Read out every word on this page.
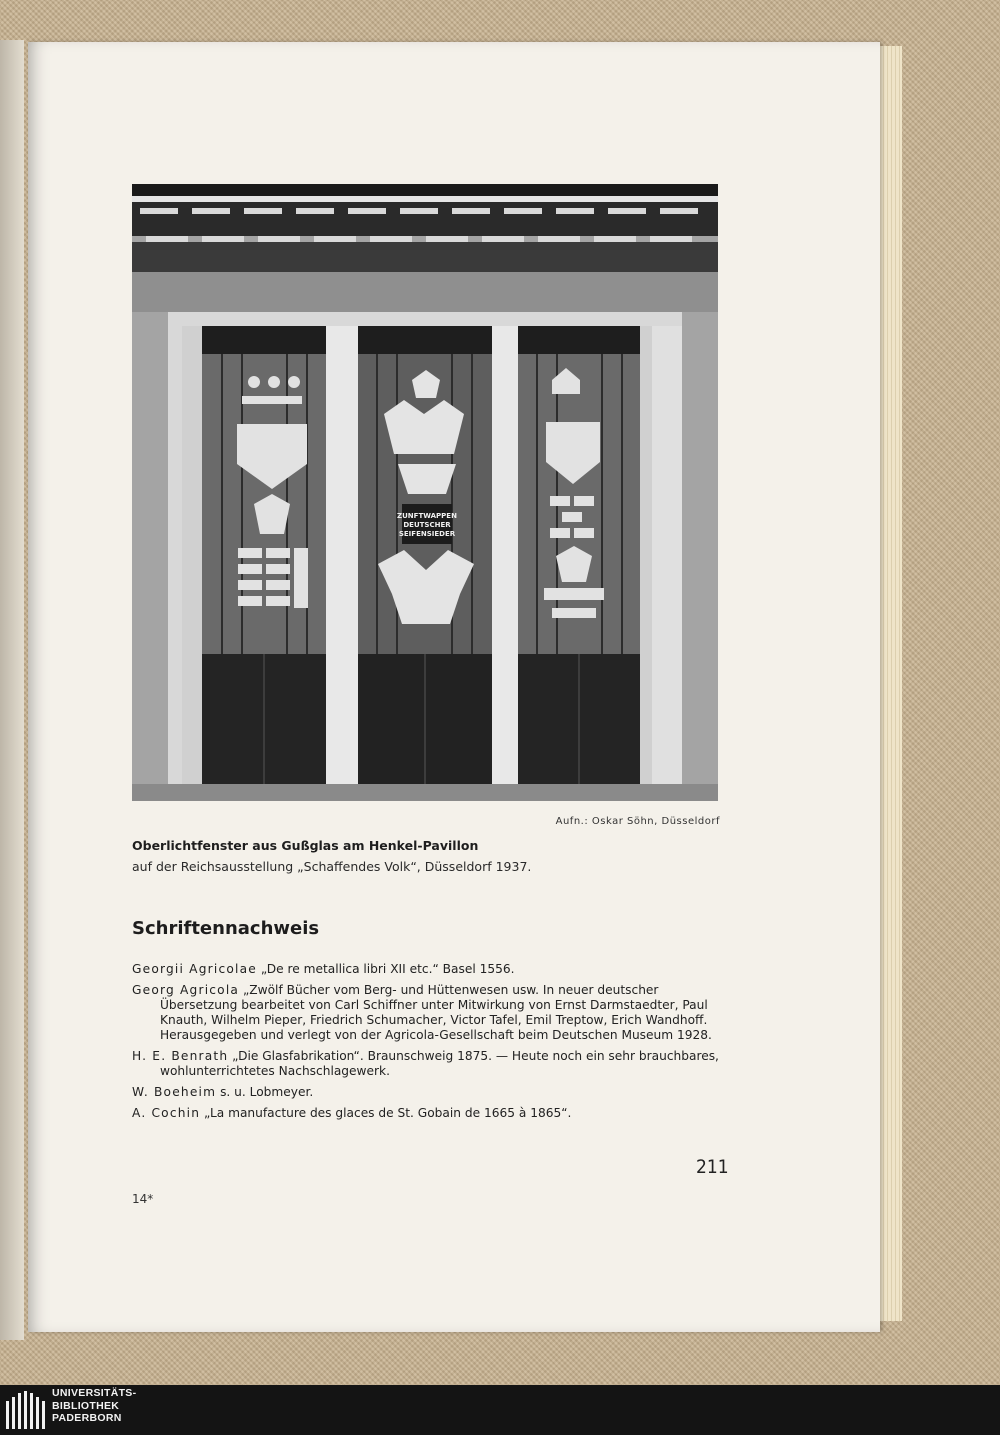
ZUNFTWAPPEN
DEUTSCHER
SEIFENSIEDER
Aufn.: Oskar Söhn, Düsseldorf
Oberlichtfenster aus Gußglas am Henkel-Pavillon
auf der Reichsausstellung „Schaffendes Volk“, Düsseldorf 1937.
Schriftennachweis
Georgii Agricolae „De re metallica libri XII etc.“ Basel 1556.
Georg Agricola „Zwölf Bücher vom Berg- und Hüttenwesen usw. In neuer deutscher Übersetzung bearbeitet von Carl Schiffner unter Mitwirkung von Ernst Darmstaedter, Paul Knauth, Wilhelm Pieper, Friedrich Schumacher, Victor Tafel, Emil Treptow, Erich Wandhoff. Herausgegeben und verlegt von der Agricola-Gesellschaft beim Deutschen Museum 1928.
H. E. Benrath „Die Glasfabrikation“. Braunschweig 1875. — Heute noch ein sehr brauchbares, wohlunterrichtetes Nachschlagewerk.
W. Boeheim s. u. Lobmeyer.
A. Cochin „La manufacture des glaces de St. Gobain de 1665 à 1865“.
211
14*
UNIVERSITÄTS-
BIBLIOTHEK
PADERBORN
